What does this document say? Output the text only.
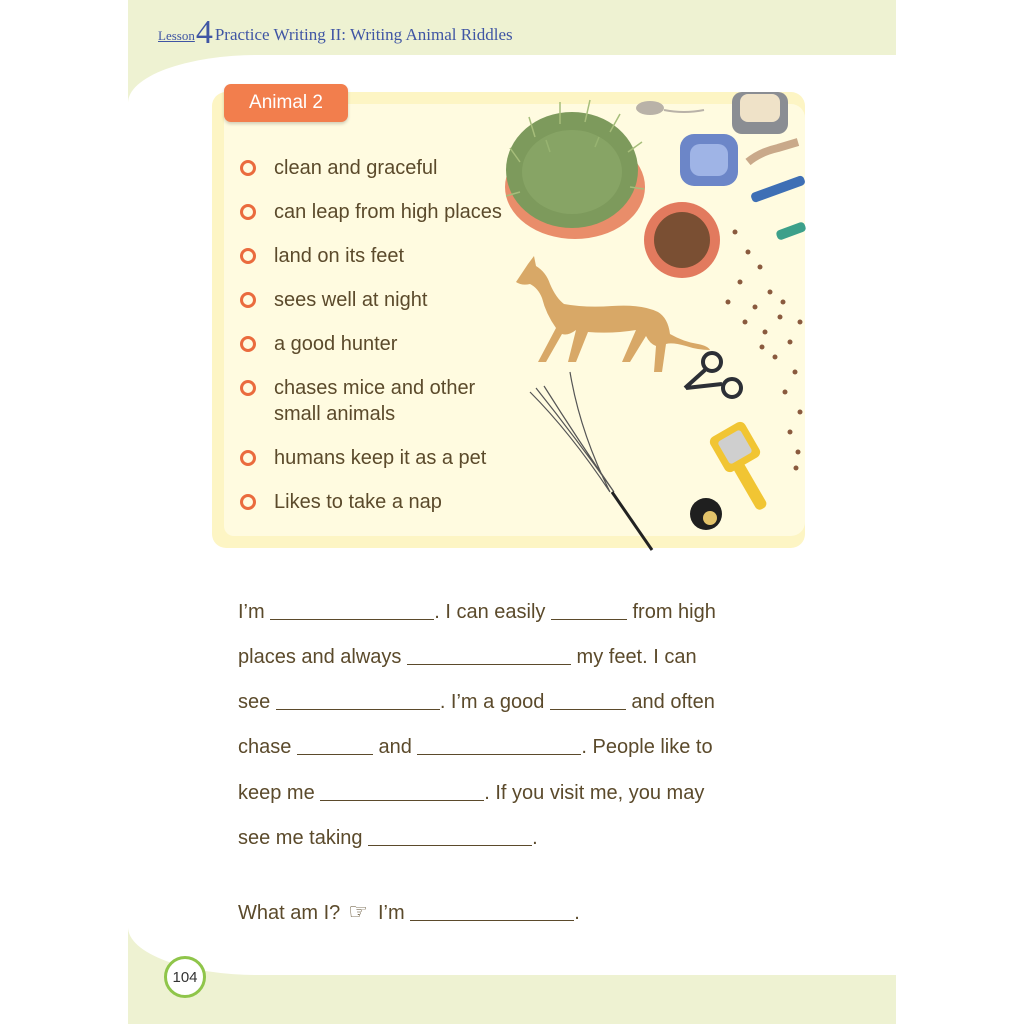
Lesson 4 Practice Writing II: Writing Animal Riddles
Animal 2
clean and graceful
can leap from high places
land on its feet
sees well at night
a good hunter
chases mice and other
small animals
humans keep it as a pet
Likes to take a nap
I’m	. I can easily	from high
places and always	my feet. I can
see	. I’m a good	and often
chase	and	. People like to
keep me	. If you visit me, you may
see me taking	.
What am I? ☞ I’m	.
104
